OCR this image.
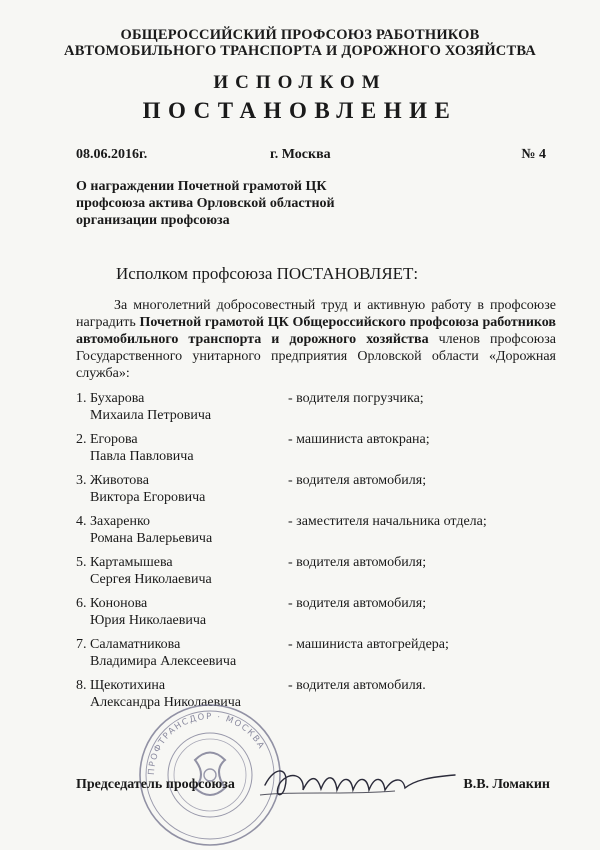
ОБЩЕРОССИЙСКИЙ ПРОФСОЮЗ РАБОТНИКОВ
АВТОМОБИЛЬНОГО ТРАНСПОРТА И ДОРОЖНОГО ХОЗЯЙСТВА
ИСПОЛКОМ
ПОСТАНОВЛЕНИЕ
08.06.2016г.	г. Москва	№ 4
О награждении Почетной грамотой ЦК
профсоюза актива Орловской областной
организации профсоюза
Исполком профсоюза ПОСТАНОВЛЯЕТ:
За многолетний добросовестный труд и активную работу в профсоюзе наградить Почетной грамотой ЦК Общероссийского профсоюза работников автомобильного транспорта и дорожного хозяйства членов профсоюза Государственного унитарного предприятия Орловской области «Дорожная служба»:
1. Бухарова
Михаила Петровича
- водителя погрузчика;
2. Егорова
Павла Павловича
- машиниста автокрана;
3. Животова
Виктора Егоровича
- водителя автомобиля;
4. Захаренко
Романа Валерьевича
- заместителя начальника отдела;
5. Картамышева
Сергея Николаевича
- водителя автомобиля;
6. Кононова
Юрия Николаевича
- водителя автомобиля;
7. Саламатникова
Владимира Алексеевича
- машиниста автогрейдера;
8. Щекотихина
Александра Николаевича
- водителя автомобиля.
ПРОФТРАНСДОР · МОСКВА
Председатель профсоюза	В.В. Ломакин
